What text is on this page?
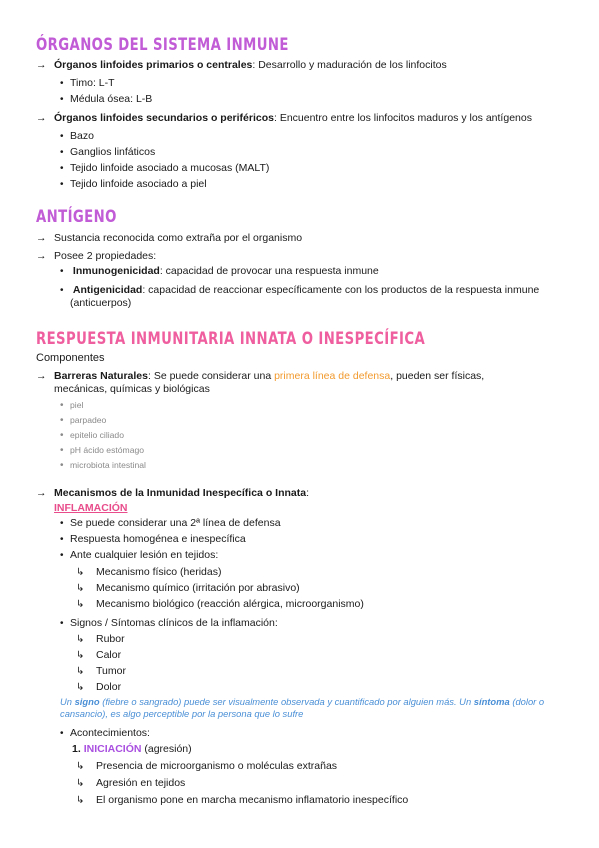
ÓRGANOS DEL SISTEMA INMUNE
→ Órganos linfoides primarios o centrales: Desarrollo y maduración de los linfocitos
• Timo: L-T
• Médula ósea: L-B
→ Órganos linfoides secundarios o periféricos: Encuentro entre los linfocitos maduros y los antígenos
• Bazo
• Ganglios linfáticos
• Tejido linfoide asociado a mucosas (MALT)
• Tejido linfoide asociado a piel
ANTÍGENO
→ Sustancia reconocida como extraña por el organismo
→ Posee 2 propiedades:
• Inmunogenicidad: capacidad de provocar una respuesta inmune
• Antigenicidad: capacidad de reaccionar específicamente con los productos de la respuesta inmune
(anticuerpos)
RESPUESTA INMUNITARIA INNATA O INESPECÍFICA
Componentes
→ Barreras Naturales: Se puede considerar una primera línea de defensa, pueden ser físicas,
mecánicas, químicas y biológicas
• piel
• parpadeo
• epitelio ciliado
• pH ácido estómago
• microbiota intestinal
→ Mecanismos de la Inmunidad Inespecífica o Innata:
INFLAMACIÓN
• Se puede considerar una 2ª línea de defensa
• Respuesta homogénea e inespecífica
• Ante cualquier lesión en tejidos:
↳ Mecanismo físico (heridas)
↳ Mecanismo químico (irritación por abrasivo)
↳ Mecanismo biológico (reacción alérgica, microorganismo)
• Signos / Síntomas clínicos de la inflamación:
↳ Rubor
↳ Calor
↳ Tumor
↳ Dolor
Un signo (fiebre o sangrado) puede ser visualmente observada y cuantificado por alguien más. Un síntoma (dolor o
cansancio), es algo perceptible por la persona que lo sufre
• Acontecimientos:
1. INICIACIÓN (agresión)
↳ Presencia de microorganismo o moléculas extrañas
↳ Agresión en tejidos
↳ El organismo pone en marcha mecanismo inflamatorio inespecífico
